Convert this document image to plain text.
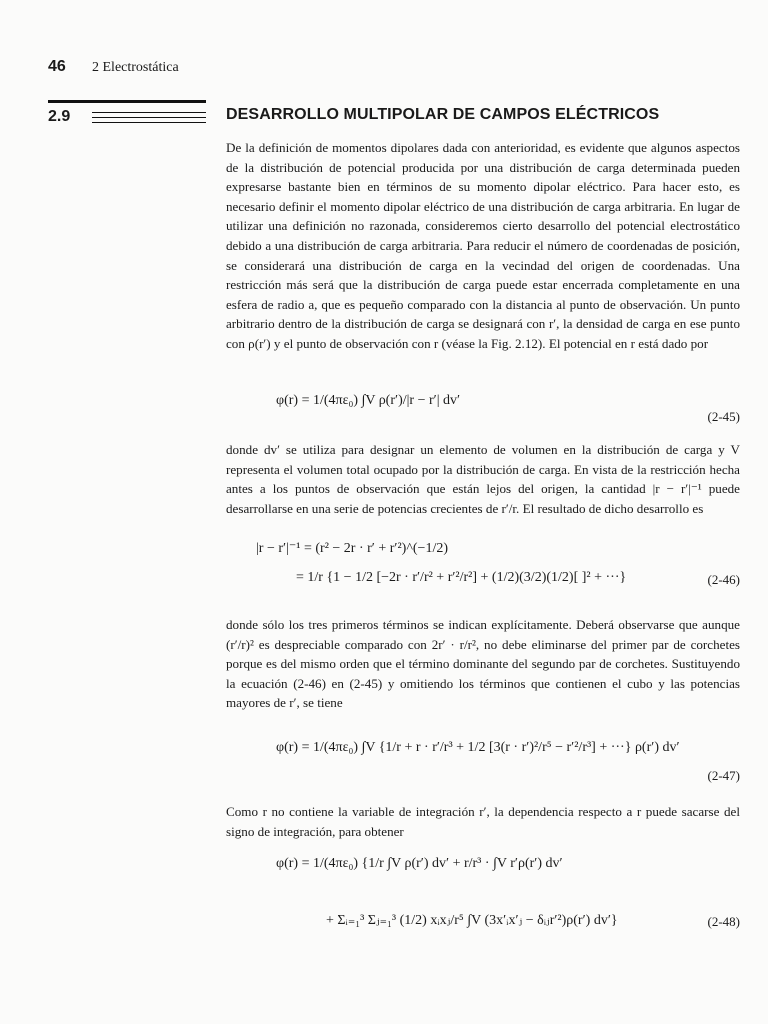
46 2 Electrostática
2.9	DESARROLLO MULTIPOLAR DE CAMPOS ELÉCTRICOS
De la definición de momentos dipolares dada con anterioridad, es evidente que algunos aspectos de la distribución de potencial producida por una distribución de carga determinada pueden expresarse bastante bien en términos de su momento dipolar eléctrico. Para hacer esto, es necesario definir el momento dipolar eléctrico de una distribución de carga arbitraria. En lugar de utilizar una definición no razonada, consideremos cierto desarrollo del potencial electrostático debido a una distribución de carga arbitraria. Para reducir el número de coordenadas de posición, se considerará una distribución de carga en la vecindad del origen de coordenadas. Una restricción más será que la distribución de carga puede estar encerrada completamente en una esfera de radio a, que es pequeño comparado con la distancia al punto de observación. Un punto arbitrario dentro de la distribución de carga se designará con r′, la densidad de carga en ese punto con ρ(r′) y el punto de observación con r (véase la Fig. 2.12). El potencial en r está dado por
φ(r) = 1/(4πε₀) ∫V ρ(r′)/|r − r′| dv′
(2-45)
donde dv′ se utiliza para designar un elemento de volumen en la distribución de carga y V representa el volumen total ocupado por la distribución de carga. En vista de la restricción hecha antes a los puntos de observación que están lejos del origen, la cantidad |r − r′|⁻¹ puede desarrollarse en una serie de potencias crecientes de r′/r. El resultado de dicho desarrollo es
|r − r′|⁻¹ = (r² − 2r · r′ + r′²)^(−1/2)
= 1/r {1 − 1/2 [−2r · r′/r² + r′²/r²] + (1/2)(3/2)(1/2)[ ]² + ···}	(2-46)
donde sólo los tres primeros términos se indican explícitamente. Deberá observarse que aunque (r′/r)² es despreciable comparado con 2r′ · r/r², no debe eliminarse del primer par de corchetes porque es del mismo orden que el término dominante del segundo par de corchetes. Sustituyendo la ecuación (2-46) en (2-45) y omitiendo los términos que contienen el cubo y las potencias mayores de r′, se tiene
φ(r) = 1/(4πε₀) ∫V {1/r + r · r′/r³ + 1/2 [3(r · r′)²/r⁵ − r′²/r³] + ···} ρ(r′) dv′
(2-47)
Como r no contiene la variable de integración r′, la dependencia respecto a r puede sacarse del signo de integración, para obtener
φ(r) = 1/(4πε₀) {1/r ∫V ρ(r′) dv′ + r/r³ · ∫V r′ρ(r′) dv′
+ Σᵢ₌₁³ Σⱼ₌₁³ (1/2) xᵢxⱼ/r⁵ ∫V (3x′ᵢx′ⱼ − δᵢⱼr′²)ρ(r′) dv′}	(2-48)
